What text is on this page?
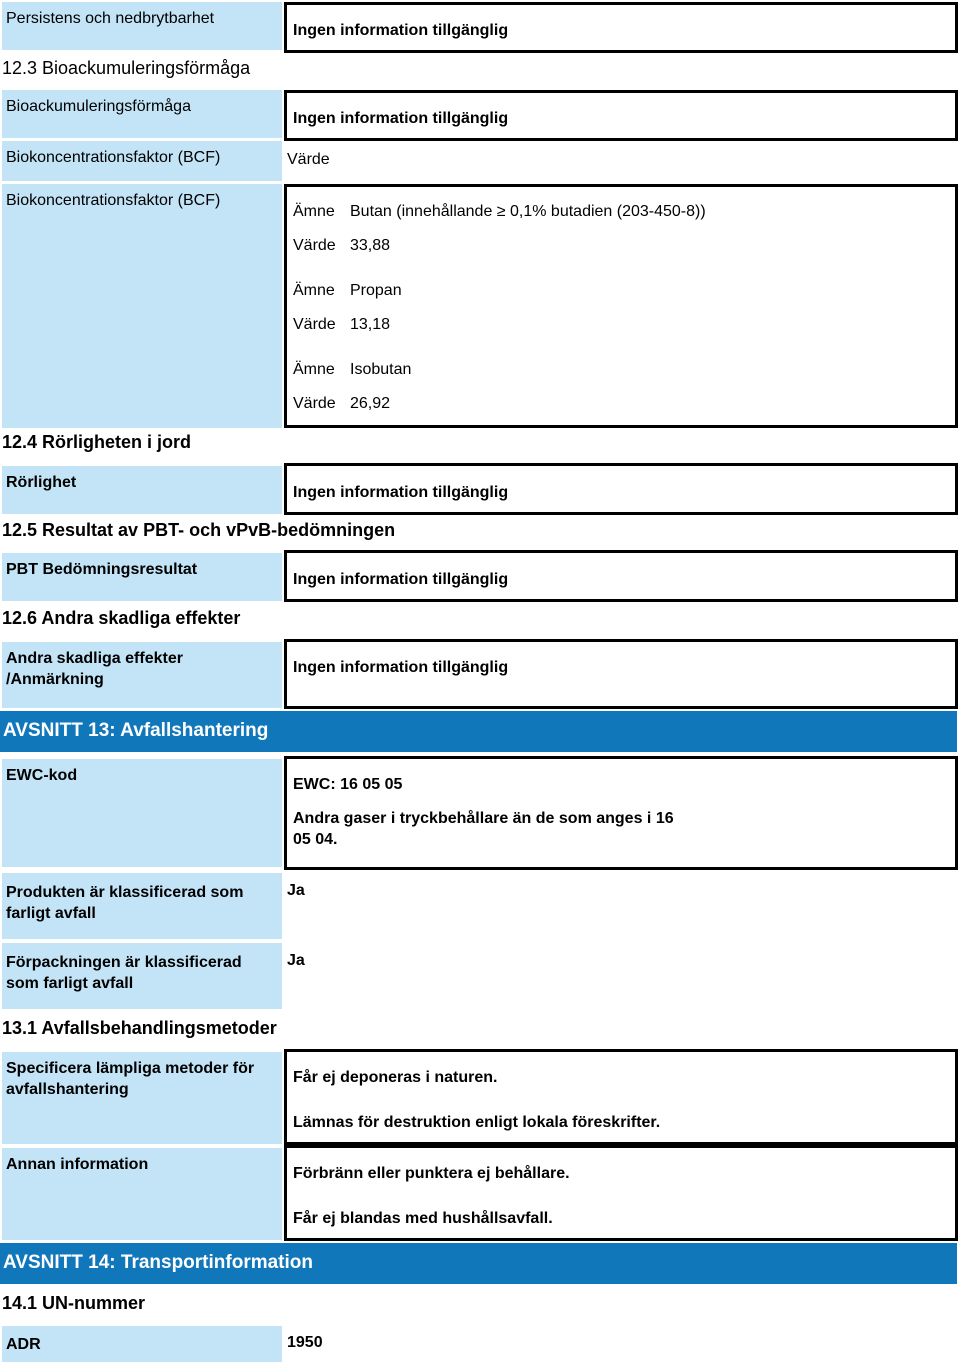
Persistens och nedbrytbarhet
Ingen information tillgänglig
12.3 Bioackumuleringsförmåga
Bioackumuleringsförmåga
Ingen information tillgänglig
Biokoncentrationsfaktor (BCF)	Värde
Biokoncentrationsfaktor (BCF)
Ämne Butan (innehållande ≥ 0,1% butadien (203-450-8))
Värde 33,88
Ämne Propan
Värde 13,18
Ämne Isobutan
Värde 26,92
12.4 Rörligheten i jord
Rörlighet
Ingen information tillgänglig
12.5 Resultat av PBT- och vPvB-bedömningen
PBT Bedömningsresultat
Ingen information tillgänglig
12.6 Andra skadliga effekter
Andra skadliga effekter
/Anmärkning
Ingen information tillgänglig
AVSNITT 13: Avfallshantering
EWC-kod
EWC: 16 05 05
Andra gaser i tryckbehållare än de som anges i 16
05 04.
Produkten är klassificerad som
farligt avfall
Ja
Förpackningen är klassificerad
som farligt avfall
Ja
13.1 Avfallsbehandlingsmetoder
Specificera lämpliga metoder för
avfallshantering
Får ej deponeras i naturen.
Lämnas för destruktion enligt lokala föreskrifter.
Annan information
Förbränn eller punktera ej behållare.
Får ej blandas med hushållsavfall.
AVSNITT 14: Transportinformation
14.1 UN-nummer
ADR	1950
